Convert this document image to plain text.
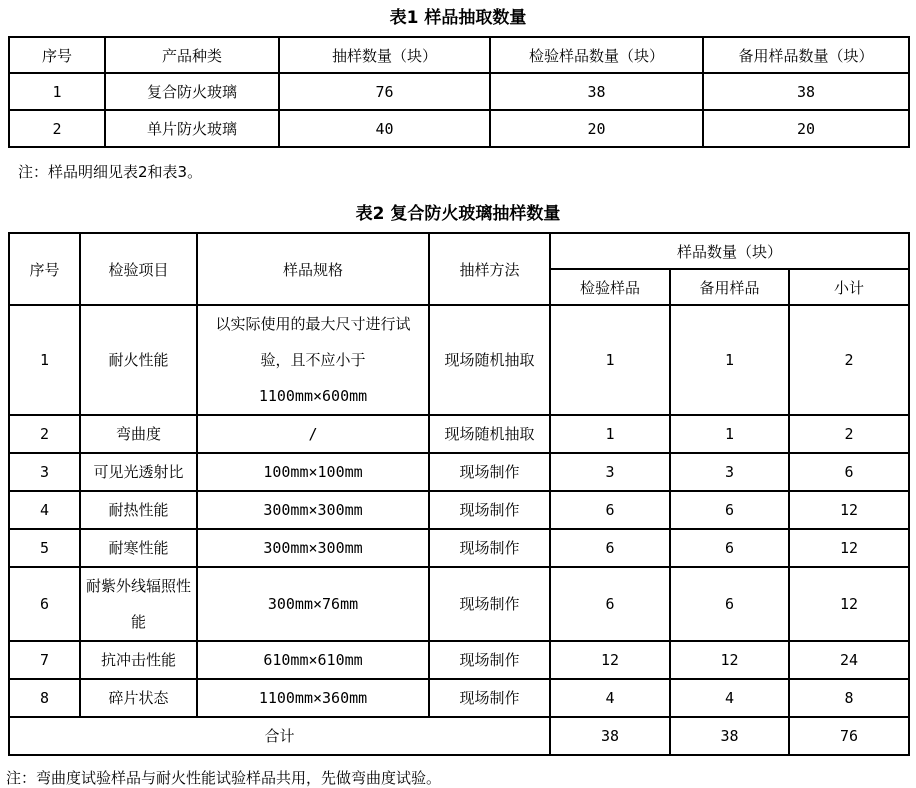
表1 样品抽取数量

序号	产品种类	抽样数量（块）	检验样品数量（块）	备用样品数量（块）
1	复合防火玻璃	76	38	38
2	单片防火玻璃	40	20	20

注：样品明细见表2和表3。

表2 复合防火玻璃抽样数量

序号	检验项目	样品规格	抽样方法	样品数量（块）		
				检验样品	备用样品	小计
1	耐火性能	以实际使用的最大尺寸进行试验，且不应小于1100mm×600mm	现场随机抽取	1	1	2
2	弯曲度	/	现场随机抽取	1	1	2
3	可见光透射比	100mm×100mm	现场制作	3	3	6
4	耐热性能	300mm×300mm	现场制作	6	6	12
5	耐寒性能	300mm×300mm	现场制作	6	6	12
6	耐紫外线辐照性能	300mm×76mm	现场制作	6	6	12
7	抗冲击性能	610mm×610mm	现场制作	12	12	24
8	碎片状态	1100mm×360mm	现场制作	4	4	8
合计				38	38	76

注：弯曲度试验样品与耐火性能试验样品共用，先做弯曲度试验。
